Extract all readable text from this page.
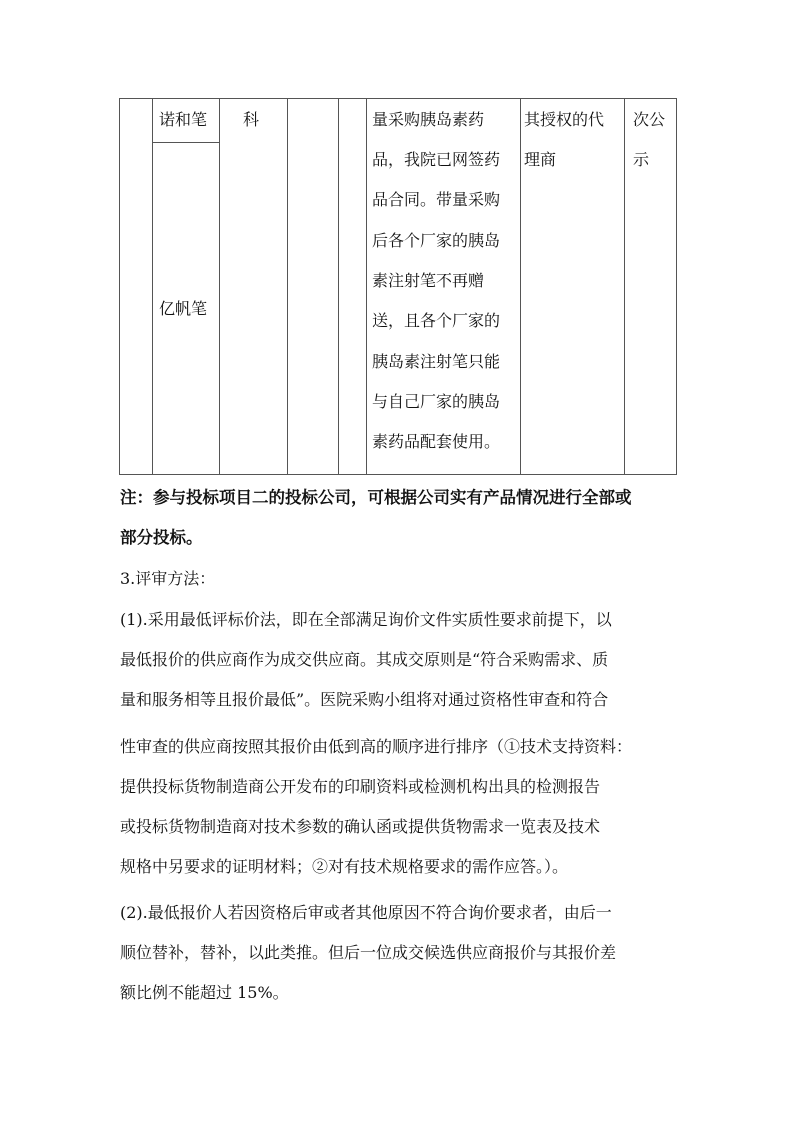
诺和笔
亿帆笔
科	量采购胰岛素药
品，我院已网签药
品合同。带量采购
后各个厂家的胰岛
素注射笔不再赠
送，且各个厂家的
胰岛素注射笔只能
与自己厂家的胰岛
素药品配套使用。
其授权的代
理商
次公
示
注：参与投标项目二的投标公司，可根据公司实有产品情况进行全部或
部分投标。
3.评审方法：
(1).采用最低评标价法，即在全部满足询价文件实质性要求前提下，以
最低报价的供应商作为成交供应商。其成交原则是“符合采购需求、质
量和服务相等且报价最低”。医院采购小组将对通过资格性审查和符合
性审查的供应商按照其报价由低到高的顺序进行排序（①技术支持资料：
提供投标货物制造商公开发布的印刷资料或检测机构出具的检测报告
或投标货物制造商对技术参数的确认函或提供货物需求一览表及技术
规格中另要求的证明材料；②对有技术规格要求的需作应答。）。
(2).最低报价人若因资格后审或者其他原因不符合询价要求者，由后一
顺位替补，替补，以此类推。但后一位成交候选供应商报价与其报价差
额比例不能超过 15%。
